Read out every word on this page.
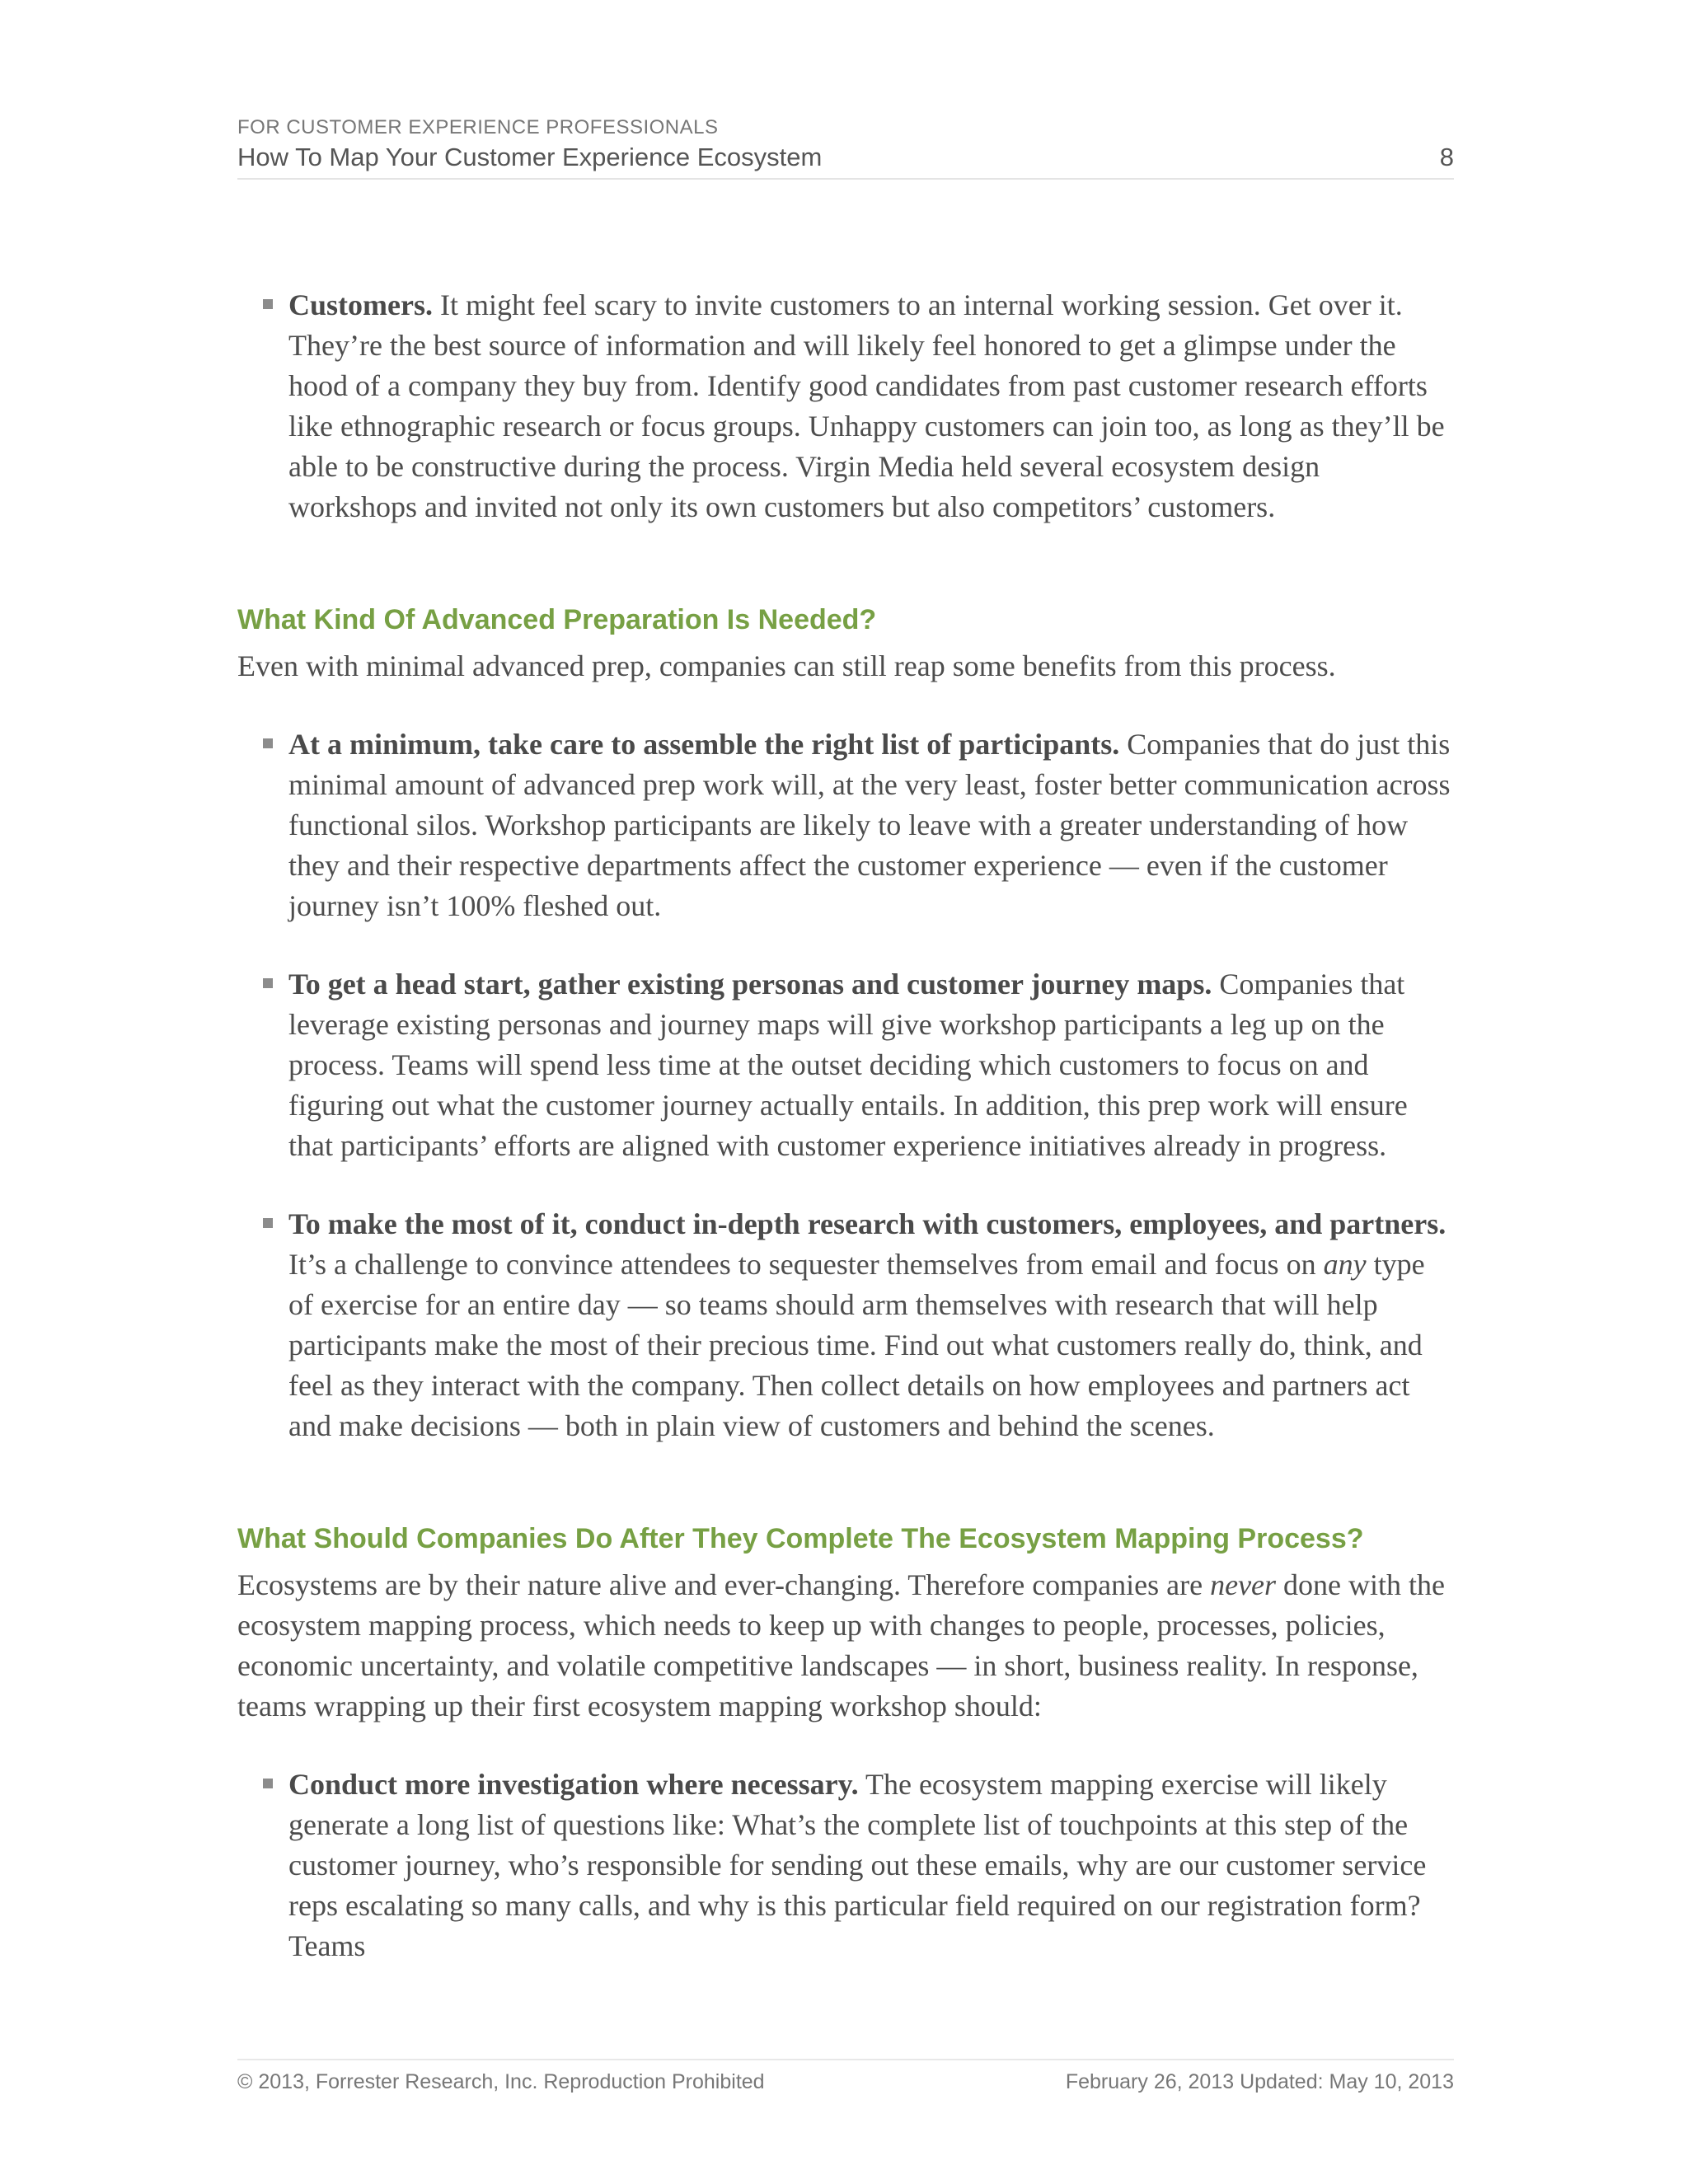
FOR CUSTOMER EXPERIENCE PROFESSIONALS
How To Map Your Customer Experience Ecosystem	8
Customers. It might feel scary to invite customers to an internal working session. Get over it. They’re the best source of information and will likely feel honored to get a glimpse under the hood of a company they buy from. Identify good candidates from past customer research efforts like ethnographic research or focus groups. Unhappy customers can join too, as long as they’ll be able to be constructive during the process. Virgin Media held several ecosystem design workshops and invited not only its own customers but also competitors’ customers.
What Kind Of Advanced Preparation Is Needed?

Even with minimal advanced prep, companies can still reap some benefits from this process.

At a minimum, take care to assemble the right list of participants. Companies that do just this minimal amount of advanced prep work will, at the very least, foster better communication across functional silos. Workshop participants are likely to leave with a greater understanding of how they and their respective departments affect the customer experience — even if the customer journey isn’t 100% fleshed out.
To get a head start, gather existing personas and customer journey maps. Companies that leverage existing personas and journey maps will give workshop participants a leg up on the process. Teams will spend less time at the outset deciding which customers to focus on and figuring out what the customer journey actually entails. In addition, this prep work will ensure that participants’ efforts are aligned with customer experience initiatives already in progress.
To make the most of it, conduct in-depth research with customers, employees, and partners. It’s a challenge to convince attendees to sequester themselves from email and focus on any type of exercise for an entire day — so teams should arm themselves with research that will help participants make the most of their precious time. Find out what customers really do, think, and feel as they interact with the company. Then collect details on how employees and partners act and make decisions — both in plain view of customers and behind the scenes.
What Should Companies Do After They Complete The Ecosystem Mapping Process?

Ecosystems are by their nature alive and ever-changing. Therefore companies are never done with the ecosystem mapping process, which needs to keep up with changes to people, processes, policies, economic uncertainty, and volatile competitive landscapes — in short, business reality. In response, teams wrapping up their first ecosystem mapping workshop should:

Conduct more investigation where necessary. The ecosystem mapping exercise will likely generate a long list of questions like: What’s the complete list of touchpoints at this step of the customer journey, who’s responsible for sending out these emails, why are our customer service reps escalating so many calls, and why is this particular field required on our registration form? Teams
© 2013, Forrester Research, Inc. Reproduction Prohibited	February 26, 2013 Updated: May 10, 2013
